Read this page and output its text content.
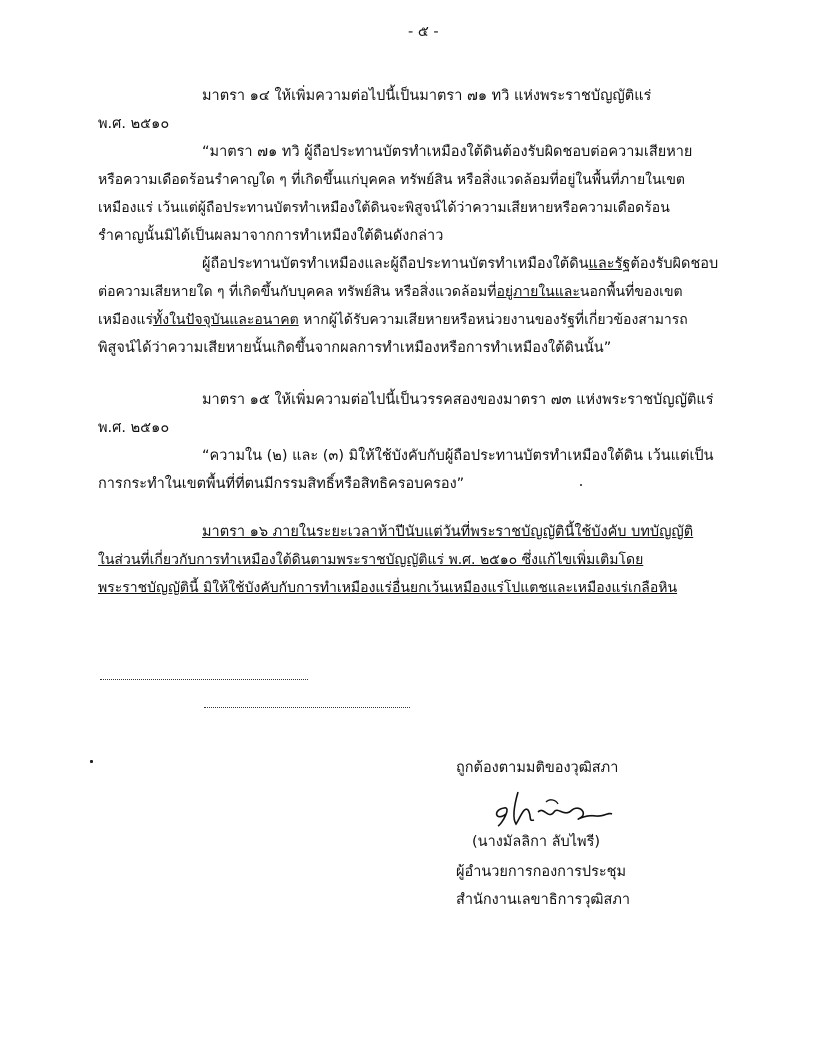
- ๕ -
มาตรา ๑๔ ให้เพิ่มความต่อไปนี้เป็นมาตรา ๗๑ ทวิ แห่งพระราชบัญญัติแร่
พ.ศ. ๒๕๑๐
“มาตรา ๗๑ ทวิ ผู้ถือประทานบัตรทำเหมืองใต้ดินต้องรับผิดชอบต่อความเสียหาย
หรือความเดือดร้อนรำคาญใด ๆ ที่เกิดขึ้นแก่บุคคล ทรัพย์สิน หรือสิ่งแวดล้อมที่อยู่ในพื้นที่ภายในเขต
เหมืองแร่ เว้นแต่ผู้ถือประทานบัตรทำเหมืองใต้ดินจะพิสูจน์ได้ว่าความเสียหายหรือความเดือดร้อน
รำคาญนั้นมิได้เป็นผลมาจากการทำเหมืองใต้ดินดังกล่าว
ผู้ถือประทานบัตรทำเหมืองและผู้ถือประทานบัตรทำเหมืองใต้ดินและรัฐต้องรับผิดชอบ
ต่อความเสียหายใด ๆ ที่เกิดขึ้นกับบุคคล ทรัพย์สิน หรือสิ่งแวดล้อมที่อยู่ภายในและนอกพื้นที่ของเขต
เหมืองแร่ทั้งในปัจจุบันและอนาคต หากผู้ได้รับความเสียหายหรือหน่วยงานของรัฐที่เกี่ยวข้องสามารถ
พิสูจน์ได้ว่าความเสียหายนั้นเกิดขึ้นจากผลการทำเหมืองหรือการทำเหมืองใต้ดินนั้น”
มาตรา ๑๕ ให้เพิ่มความต่อไปนี้เป็นวรรคสองของมาตรา ๗๓ แห่งพระราชบัญญัติแร่
พ.ศ. ๒๕๑๐
“ความใน (๒) และ (๓) มิให้ใช้บังคับกับผู้ถือประทานบัตรทำเหมืองใต้ดิน เว้นแต่เป็น
การกระทำในเขตพื้นที่ที่ตนมีกรรมสิทธิ์หรือสิทธิครอบครอง”
มาตรา ๑๖ ภายในระยะเวลาห้าปีนับแต่วันที่พระราชบัญญัตินี้ใช้บังคับ บทบัญญัติ
ในส่วนที่เกี่ยวกับการทำเหมืองใต้ดินตามพระราชบัญญัติแร่ พ.ศ. ๒๕๑๐ ซึ่งแก้ไขเพิ่มเติมโดย
พระราชบัญญัตินี้ มิให้ใช้บังคับกับการทำเหมืองแร่อื่นยกเว้นเหมืองแร่โปแตชและเหมืองแร่เกลือหิน
ถูกต้องตามมติของวุฒิสภา
(นางมัลลิกา ลับไพรี)
ผู้อำนวยการกองการประชุม
สำนักงานเลขาธิการวุฒิสภา
